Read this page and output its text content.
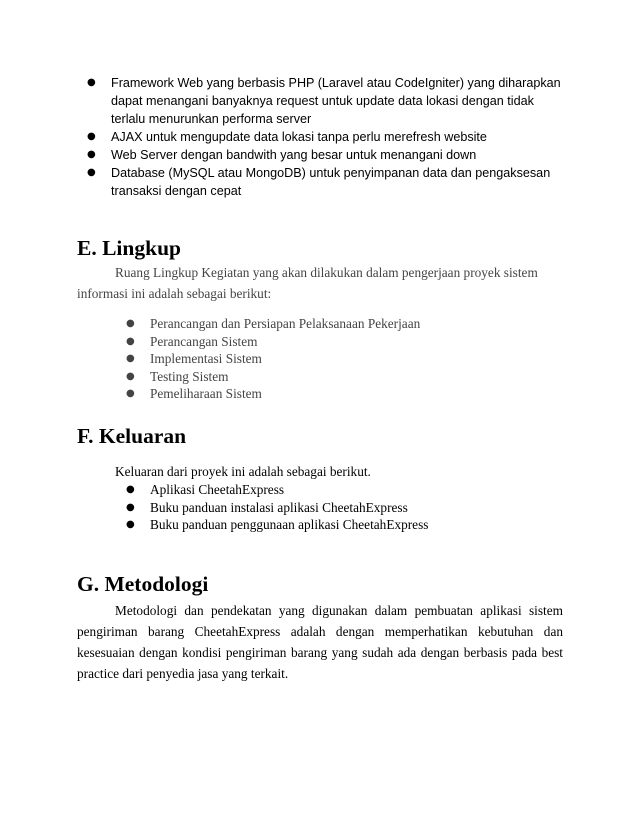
● Framework Web yang berbasis PHP (Laravel atau CodeIgniter) yang diharapkan dapat menangani banyaknya request untuk update data lokasi dengan tidak terlalu menurunkan performa server
● AJAX untuk mengupdate data lokasi tanpa perlu merefresh website
● Web Server dengan bandwith yang besar untuk menangani down
● Database (MySQL atau MongoDB) untuk penyimpanan data dan pengaksesan transaksi dengan cepat
E. Lingkup

Ruang Lingkup Kegiatan yang akan dilakukan dalam pengerjaan proyek sistem informasi ini adalah sebagai berikut:

● Perancangan dan Persiapan Pelaksanaan Pekerjaan
● Perancangan Sistem
● Implementasi Sistem
● Testing Sistem
● Pemeliharaan Sistem
F. Keluaran

Keluaran dari proyek ini adalah sebagai berikut.

● Aplikasi CheetahExpress
● Buku panduan instalasi aplikasi CheetahExpress
● Buku panduan penggunaan aplikasi CheetahExpress
G. Metodologi

Metodologi dan pendekatan yang digunakan dalam pembuatan aplikasi sistem pengiriman barang CheetahExpress adalah dengan memperhatikan kebutuhan dan kesesuaian dengan kondisi pengiriman barang yang sudah ada dengan berbasis pada best practice dari penyedia jasa yang terkait.
